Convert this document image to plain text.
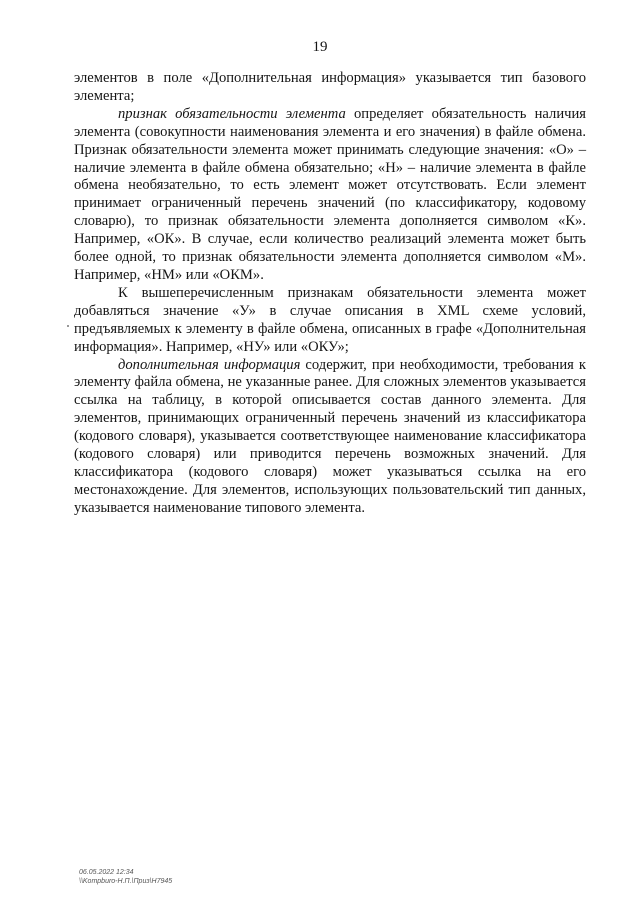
19

элементов в поле «Дополнительная информация» указывается тип базового элемента;

признак обязательности элемента определяет обязательность наличия элемента (совокупности наименования элемента и его значения) в файле обмена. Признак обязательности элемента может принимать следующие значения: «О» – наличие элемента в файле обмена обязательно; «Н» – наличие элемента в файле обмена необязательно, то есть элемент может отсутствовать. Если элемент принимает ограниченный перечень значений (по классификатору, кодовому словарю), то признак обязательности элемента дополняется символом «К». Например, «ОК». В случае, если количество реализаций элемента может быть более одной, то признак обязательности элемента дополняется символом «М». Например, «НМ» или «ОКМ».

К вышеперечисленным признакам обязательности элемента может добавляться значение «У» в случае описания в XML схеме условий, предъявляемых к элементу в файле обмена, описанных в графе «Дополнительная информация». Например, «НУ» или «ОКУ»;

дополнительная информация содержит, при необходимости, требования к элементу файла обмена, не указанные ранее. Для сложных элементов указывается ссылка на таблицу, в которой описывается состав данного элемента. Для элементов, принимающих ограниченный перечень значений из классификатора (кодового словаря), указывается соответствующее наименование классификатора (кодового словаря) или приводится перечень возможных значений. Для классификатора (кодового словаря) может указываться ссылка на его местонахождение. Для элементов, использующих пользовательский тип данных, указывается наименование типового элемента.

06.05.2022 12:34
\\Kompburo-Н.П.\Приз\Н7945
